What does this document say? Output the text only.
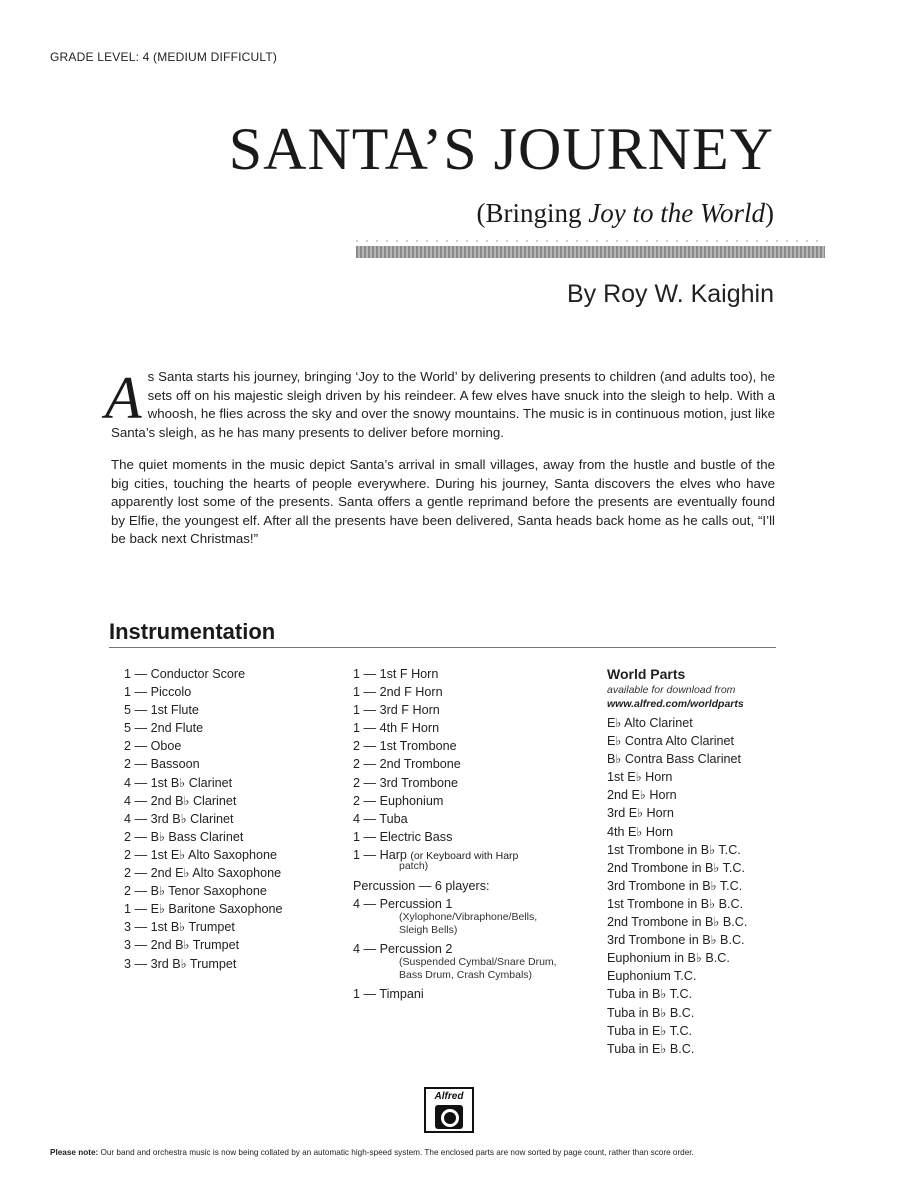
GRADE LEVEL: 4 (MEDIUM DIFFICULT)
SANTA’S JOURNEY
(Bringing Joy to the World)
By Roy W. Kaighin

As Santa starts his journey, bringing ‘Joy to the World’ by delivering presents to children (and adults too), he sets off on his majestic sleigh driven by his reindeer. A few elves have snuck into the sleigh to help. With a whoosh, he flies across the sky and over the snowy mountains. The music is in continuous motion, just like Santa’s sleigh, as he has many presents to deliver before morning.

The quiet moments in the music depict Santa’s arrival in small villages, away from the hustle and bustle of the big cities, touching the hearts of people everywhere. During his journey, Santa discovers the elves who have apparently lost some of the presents. Santa offers a gentle reprimand before the presents are eventually found by Elfie, the youngest elf. After all the presents have been delivered, Santa heads back home as he calls out, “I’ll be back next Christmas!”

Instrumentation
1 — Conductor Score
1 — Piccolo
5 — 1st Flute
5 — 2nd Flute
2 — Oboe
2 — Bassoon
4 — 1st B♭ Clarinet
4 — 2nd B♭ Clarinet
4 — 3rd B♭ Clarinet
2 — B♭ Bass Clarinet
2 — 1st E♭ Alto Saxophone
2 — 2nd E♭ Alto Saxophone
2 — B♭ Tenor Saxophone
1 — E♭ Baritone Saxophone
3 — 1st B♭ Trumpet
3 — 2nd B♭ Trumpet
3 — 3rd B♭ Trumpet
1 — 1st F Horn
1 — 2nd F Horn
1 — 3rd F Horn
1 — 4th F Horn
2 — 1st Trombone
2 — 2nd Trombone
2 — 3rd Trombone
2 — Euphonium
4 — Tuba
1 — Electric Bass
1 — Harp (or Keyboard with Harp
patch)
Percussion — 6 players:
4 — Percussion 1
(Xylophone/Vibraphone/Bells, Sleigh Bells)
4 — Percussion 2
(Suspended Cymbal/Snare Drum, Bass Drum, Crash Cymbals)
1 — Timpani
World Parts
available for download from
www.alfred.com/worldparts
E♭ Alto Clarinet
E♭ Contra Alto Clarinet
B♭ Contra Bass Clarinet
1st E♭ Horn
2nd E♭ Horn
3rd E♭ Horn
4th E♭ Horn
1st Trombone in B♭ T.C.
2nd Trombone in B♭ T.C.
3rd Trombone in B♭ T.C.
1st Trombone in B♭ B.C.
2nd Trombone in B♭ B.C.
3rd Trombone in B♭ B.C.
Euphonium in B♭ B.C.
Euphonium T.C.
Tuba in B♭ T.C.
Tuba in B♭ B.C.
Tuba in E♭ T.C.
Tuba in E♭ B.C.
Alfred
Please note: Our band and orchestra music is now being collated by an automatic high-speed system. The enclosed parts are now sorted by page count, rather than score order.
